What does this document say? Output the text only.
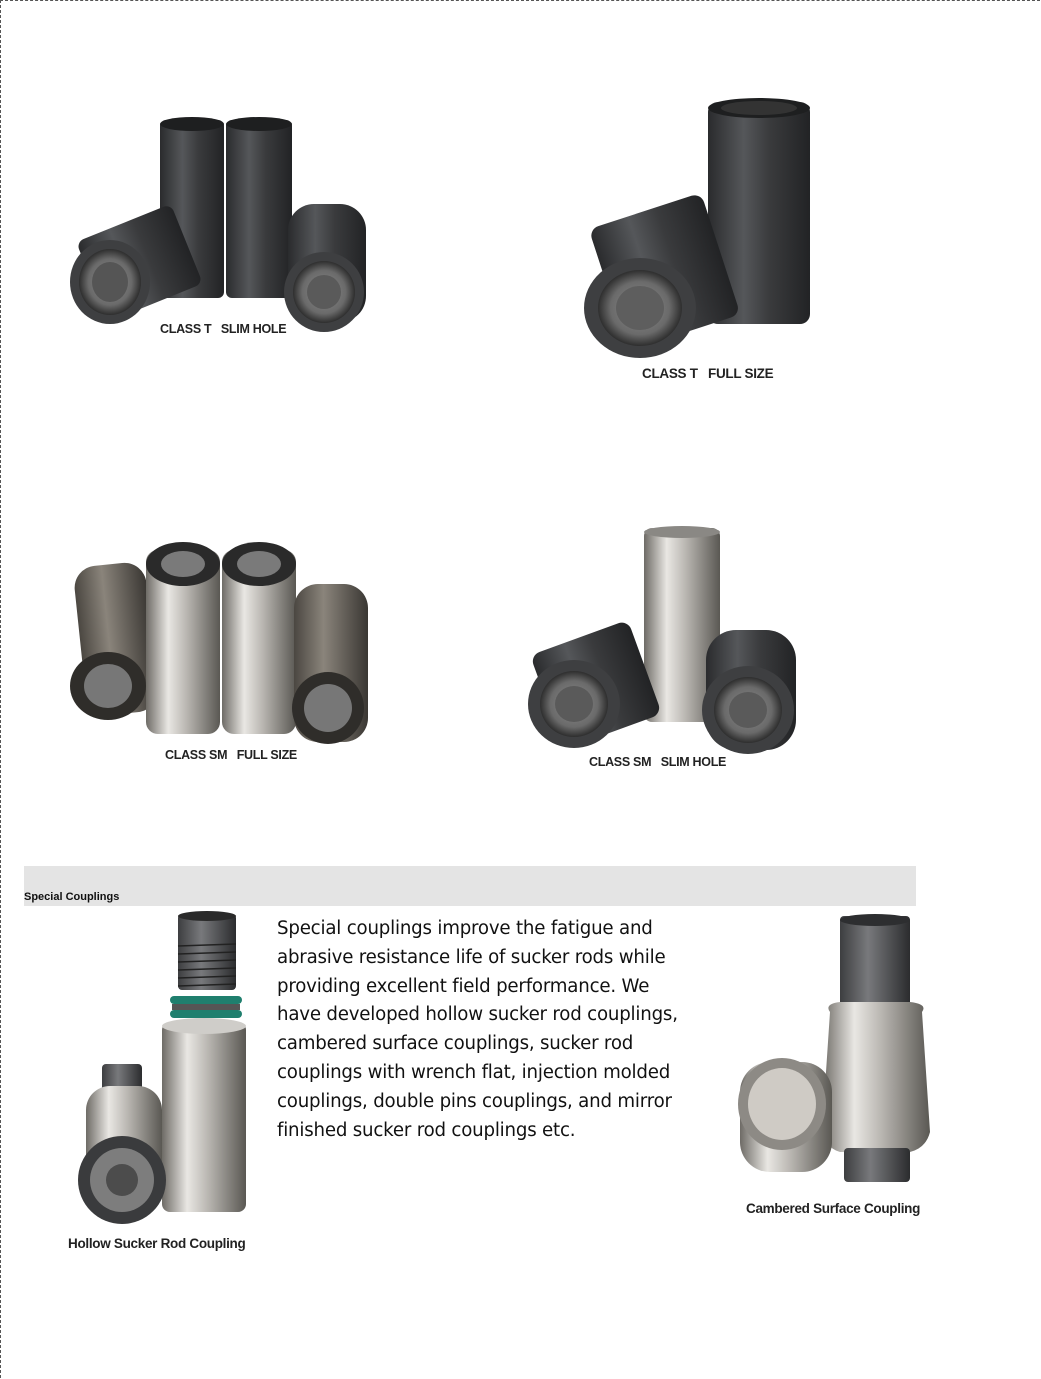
CLASS T   SLIM HOLE
CLASS T   FULL SIZE
CLASS SM   FULL SIZE	CLASS SM   SLIM HOLE
Special Couplings
Hollow Sucker Rod Coupling
Special couplings improve the fatigue and abrasive resistance life of sucker rods while providing excellent field performance. We have developed hollow sucker rod couplings, cambered surface couplings, sucker rod couplings with wrench flat, injection molded couplings, double pins couplings, and mirror finished sucker rod couplings etc.
Cambered Surface Coupling
